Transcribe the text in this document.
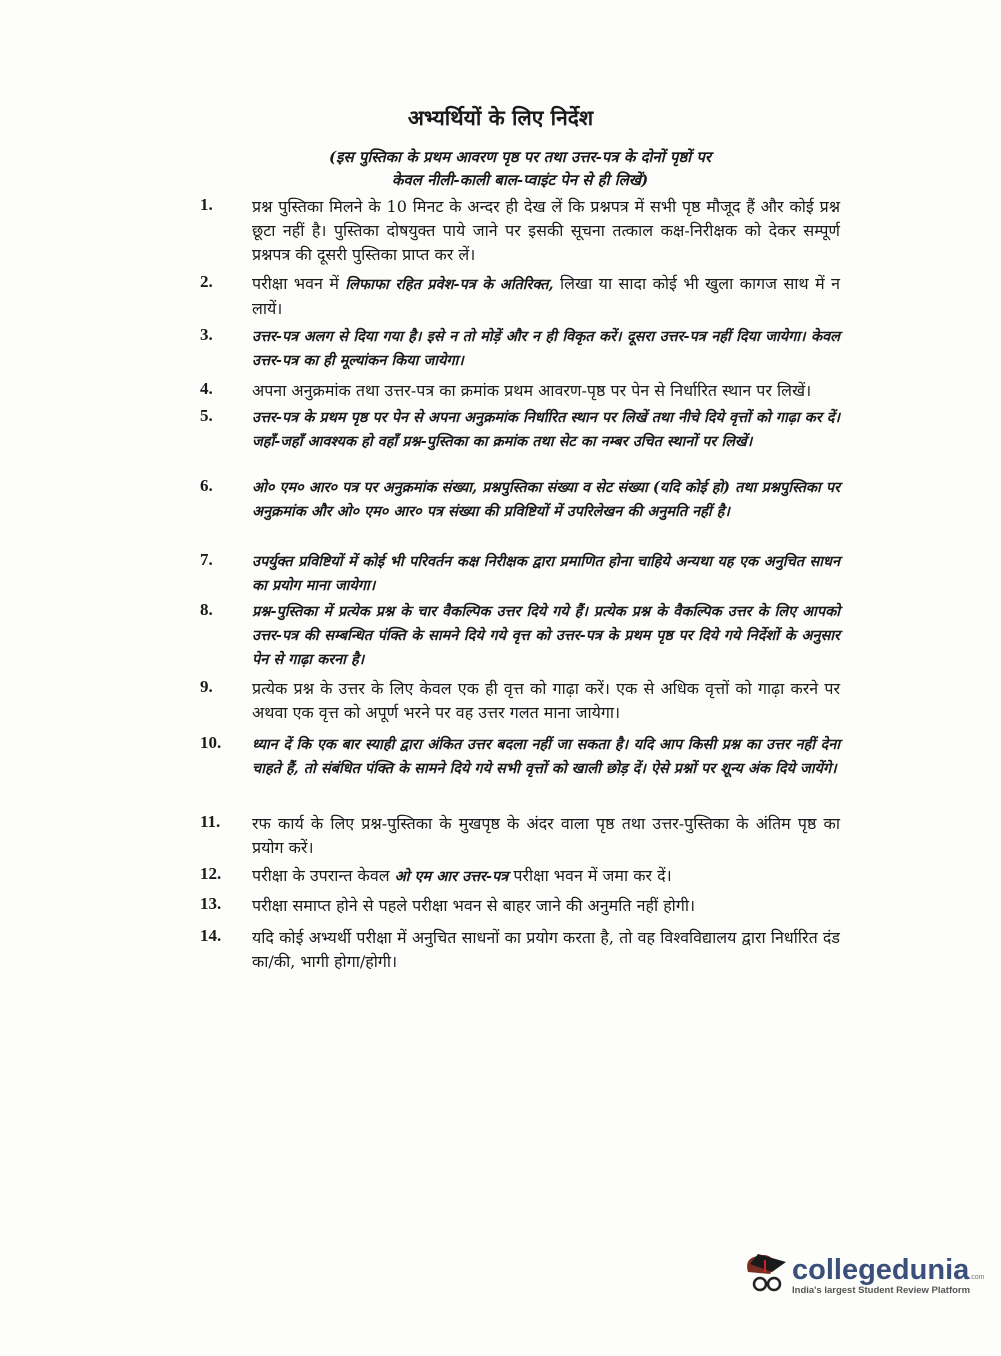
अभ्यर्थियों के लिए निर्देश
(इस पुस्तिका के प्रथम आवरण पृष्ठ पर तथा उत्तर-पत्र के दोनों पृष्ठों पर
केवल नीली-काली बाल-प्वाइंट पेन से ही लिखें)
1.	प्रश्न पुस्तिका मिलने के 10 मिनट के अन्दर ही देख लें कि प्रश्नपत्र में सभी पृष्ठ मौजूद हैं और कोई प्रश्न छूटा नहीं है। पुस्तिका दोषयुक्त पाये जाने पर इसकी सूचना तत्काल कक्ष-निरीक्षक को देकर सम्पूर्ण प्रश्नपत्र की दूसरी पुस्तिका प्राप्त कर लें।
2.	परीक्षा भवन में लिफाफा रहित प्रवेश-पत्र के अतिरिक्त, लिखा या सादा कोई भी खुला कागज साथ में न लायें।
3.	उत्तर-पत्र अलग से दिया गया है। इसे न तो मोड़ें और न ही विकृत करें। दूसरा उत्तर-पत्र नहीं दिया जायेगा। केवल उत्तर-पत्र का ही मूल्यांकन किया जायेगा।
4.	अपना अनुक्रमांक तथा उत्तर-पत्र का क्रमांक प्रथम आवरण-पृष्ठ पर पेन से निर्धारित स्थान पर लिखें।
5.	उत्तर-पत्र के प्रथम पृष्ठ पर पेन से अपना अनुक्रमांक निर्धारित स्थान पर लिखें तथा नीचे दिये वृत्तों को गाढ़ा कर दें। जहाँ-जहाँ आवश्यक हो वहाँ प्रश्न-पुस्तिका का क्रमांक तथा सेट का नम्बर उचित स्थानों पर लिखें।
6.	ओ० एम० आर० पत्र पर अनुक्रमांक संख्या, प्रश्नपुस्तिका संख्या व सेट संख्या (यदि कोई हो) तथा प्रश्नपुस्तिका पर अनुक्रमांक और ओ० एम० आर० पत्र संख्या की प्रविष्टियों में उपरिलेखन की अनुमति नहीं है।
7.	उपर्युक्त प्रविष्टियों में कोई भी परिवर्तन कक्ष निरीक्षक द्वारा प्रमाणित होना चाहिये अन्यथा यह एक अनुचित साधन का प्रयोग माना जायेगा।
8.	प्रश्न-पुस्तिका में प्रत्येक प्रश्न के चार वैकल्पिक उत्तर दिये गये हैं। प्रत्येक प्रश्न के वैकल्पिक उत्तर के लिए आपको उत्तर-पत्र की सम्बन्धित पंक्ति के सामने दिये गये वृत्त को उत्तर-पत्र के प्रथम पृष्ठ पर दिये गये निर्देशों के अनुसार पेन से गाढ़ा करना है।
9.	प्रत्येक प्रश्न के उत्तर के लिए केवल एक ही वृत्त को गाढ़ा करें। एक से अधिक वृत्तों को गाढ़ा करने पर अथवा एक वृत्त को अपूर्ण भरने पर वह उत्तर गलत माना जायेगा।
10.	ध्यान दें कि एक बार स्याही द्वारा अंकित उत्तर बदला नहीं जा सकता है। यदि आप किसी प्रश्न का उत्तर नहीं देना चाहते हैं, तो संबंधित पंक्ति के सामने दिये गये सभी वृत्तों को खाली छोड़ दें। ऐसे प्रश्नों पर शून्य अंक दिये जायेंगे।
11.	रफ कार्य के लिए प्रश्न-पुस्तिका के मुखपृष्ठ के अंदर वाला पृष्ठ तथा उत्तर-पुस्तिका के अंतिम पृष्ठ का प्रयोग करें।
12.	परीक्षा के उपरान्त केवल ओ एम आर उत्तर-पत्र परीक्षा भवन में जमा कर दें।
13.	परीक्षा समाप्त होने से पहले परीक्षा भवन से बाहर जाने की अनुमति नहीं होगी।
14.	यदि कोई अभ्यर्थी परीक्षा में अनुचित साधनों का प्रयोग करता है, तो वह विश्वविद्यालय द्वारा निर्धारित दंड का/की, भागी होगा/होगी।
collegedunia.com
India's largest Student Review Platform
